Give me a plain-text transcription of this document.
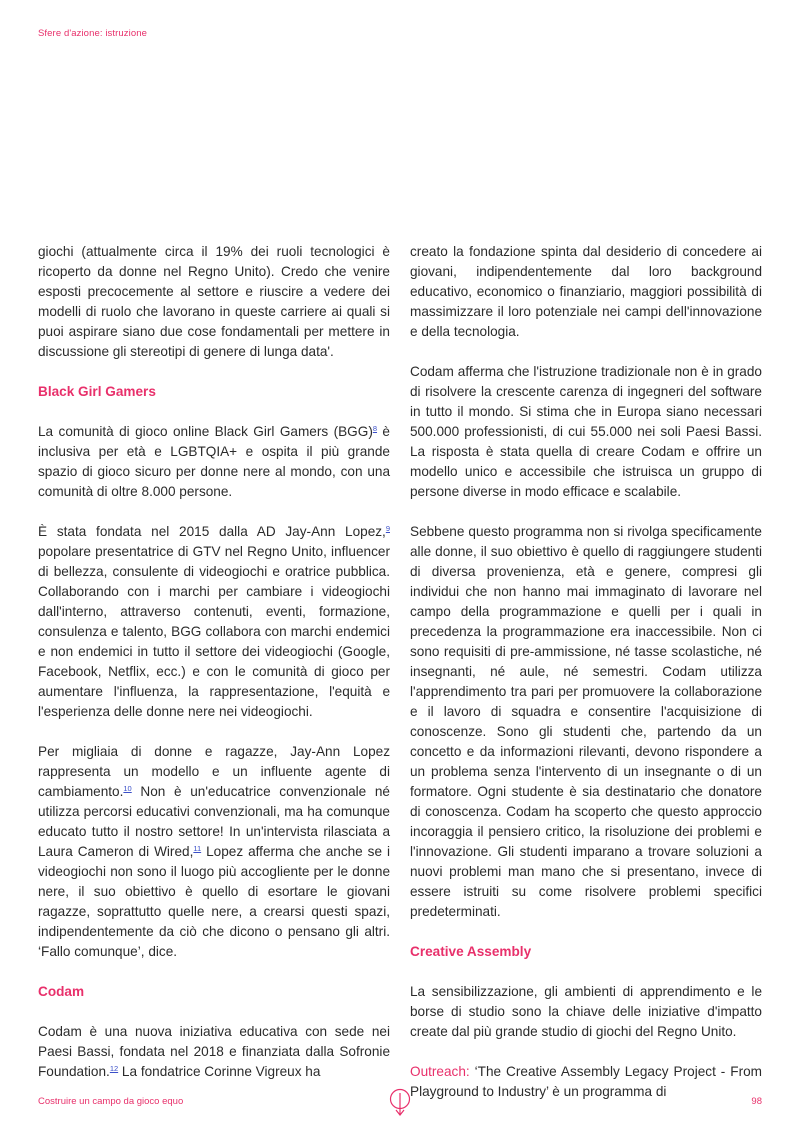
Sfere d'azione: istruzione

giochi (attualmente circa il 19% dei ruoli tecnologici è ricoperto da donne nel Regno Unito). Credo che venire esposti precocemente al settore e riuscire a vedere dei modelli di ruolo che lavorano in queste carriere ai quali si puoi aspirare siano due cose fondamentali per mettere in discussione gli stereotipi di genere di lunga data'.

Black Girl Gamers

La comunità di gioco online Black Girl Gamers (BGG)$^8$ è inclusiva per età e LGBTQIA+ e ospita il più grande spazio di gioco sicuro per donne nere al mondo, con una comunità di oltre 8.000 persone.

È stata fondata nel 2015 dalla AD Jay-Ann Lopez,$^9$ popolare presentatrice di GTV nel Regno Unito, influencer di bellezza, consulente di videogiochi e oratrice pubblica. Collaborando con i marchi per cambiare i videogiochi dall'interno, attraverso contenuti, eventi, formazione, consulenza e talento, BGG collabora con marchi endemici e non endemici in tutto il settore dei videogiochi (Google, Facebook, Netflix, ecc.) e con le comunità di gioco per aumentare l'influenza, la rappresentazione, l'equità e l'esperienza delle donne nere nei videogiochi.

Per migliaia di donne e ragazze, Jay-Ann Lopez rappresenta un modello e un influente agente di cambiamento.$^{10}$ Non è un'educatrice convenzionale né utilizza percorsi educativi convenzionali, ma ha comunque educato tutto il nostro settore! In un'intervista rilasciata a Laura Cameron di Wired,$^{11}$ Lopez afferma che anche se i videogiochi non sono il luogo più accogliente per le donne nere, il suo obiettivo è quello di esortare le giovani ragazze, soprattutto quelle nere, a crearsi questi spazi, indipendentemente da ciò che dicono o pensano gli altri. ‘Fallo comunque’, dice.

Codam

Codam è una nuova iniziativa educativa con sede nei Paesi Bassi, fondata nel 2018 e finanziata dalla Sofronie Foundation.$^{12}$ La fondatrice Corinne Vigreux ha

creato la fondazione spinta dal desiderio di concedere ai giovani, indipendentemente dal loro background educativo, economico o finanziario, maggiori possibilità di massimizzare il loro potenziale nei campi dell'innovazione e della tecnologia.

Codam afferma che l'istruzione tradizionale non è in grado di risolvere la crescente carenza di ingegneri del software in tutto il mondo. Si stima che in Europa siano necessari 500.000 professionisti, di cui 55.000 nei soli Paesi Bassi. La risposta è stata quella di creare Codam e offrire un modello unico e accessibile che istruisca un gruppo di persone diverse in modo efficace e scalabile.

Sebbene questo programma non si rivolga specificamente alle donne, il suo obiettivo è quello di raggiungere studenti di diversa provenienza, età e genere, compresi gli individui che non hanno mai immaginato di lavorare nel campo della programmazione e quelli per i quali in precedenza la programmazione era inaccessibile. Non ci sono requisiti di pre-ammissione, né tasse scolastiche, né insegnanti, né aule, né semestri. Codam utilizza l'apprendimento tra pari per promuovere la collaborazione e il lavoro di squadra e consentire l'acquisizione di conoscenze. Sono gli studenti che, partendo da un concetto e da informazioni rilevanti, devono rispondere a un problema senza l'intervento di un insegnante o di un formatore. Ogni studente è sia destinatario che donatore di conoscenza. Codam ha scoperto che questo approccio incoraggia il pensiero critico, la risoluzione dei problemi e l'innovazione. Gli studenti imparano a trovare soluzioni a nuovi problemi man mano che si presentano, invece di essere istruiti su come risolvere problemi specifici predeterminati.

Creative Assembly

La sensibilizzazione, gli ambienti di apprendimento e le borse di studio sono la chiave delle iniziative d'impatto create dal più grande studio di giochi del Regno Unito.

Outreach: ‘The Creative Assembly Legacy Project - From Playground to Industry’ è un programma di

Costruire un campo da gioco equo	98
